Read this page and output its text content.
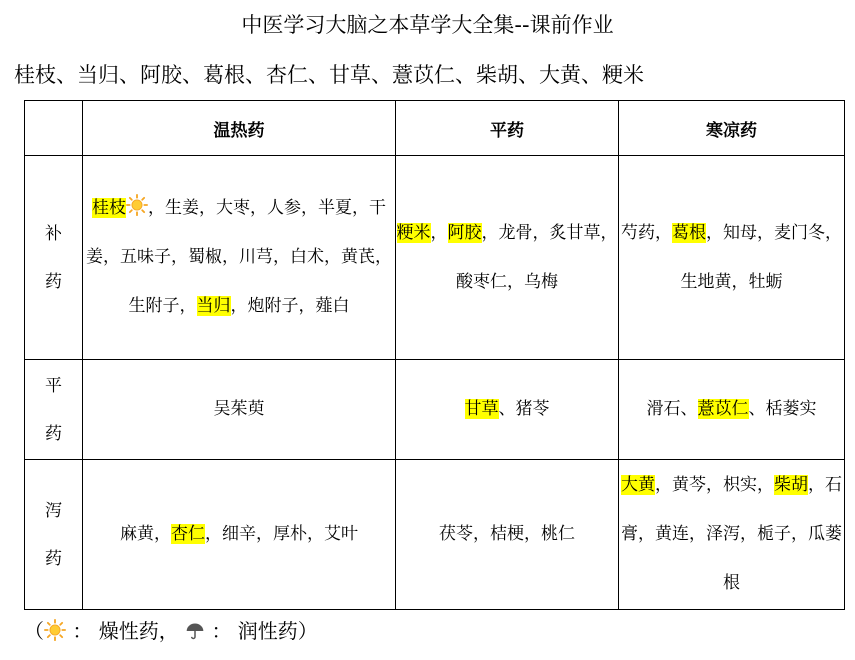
中医学习大脑之本草学大全集--课前作业
桂枝、当归、阿胶、葛根、杏仁、甘草、薏苡仁、柴胡、大黄、粳米
	温热药	平药	寒凉药

补
药	桂枝 ，生姜，大枣，人参，半夏，干姜，五味子，蜀椒，川芎，白术，黄芪，生附子，当归，炮附子，薤白	粳米，阿胶，龙骨，炙甘草，酸枣仁，乌梅	芍药，葛根，知母，麦门冬，生地黄，牡蛎

平
药	吴茱萸	甘草、猪苓	滑石、薏苡仁、栝蒌实

泻
药	麻黄，杏仁，细辛，厚朴，艾叶	茯苓，桔梗，桃仁	大黄，黄芩，枳实，柴胡，石膏，黄连，泽泻，栀子，瓜蒌根
（ ： 燥性药， ： 润性药）
